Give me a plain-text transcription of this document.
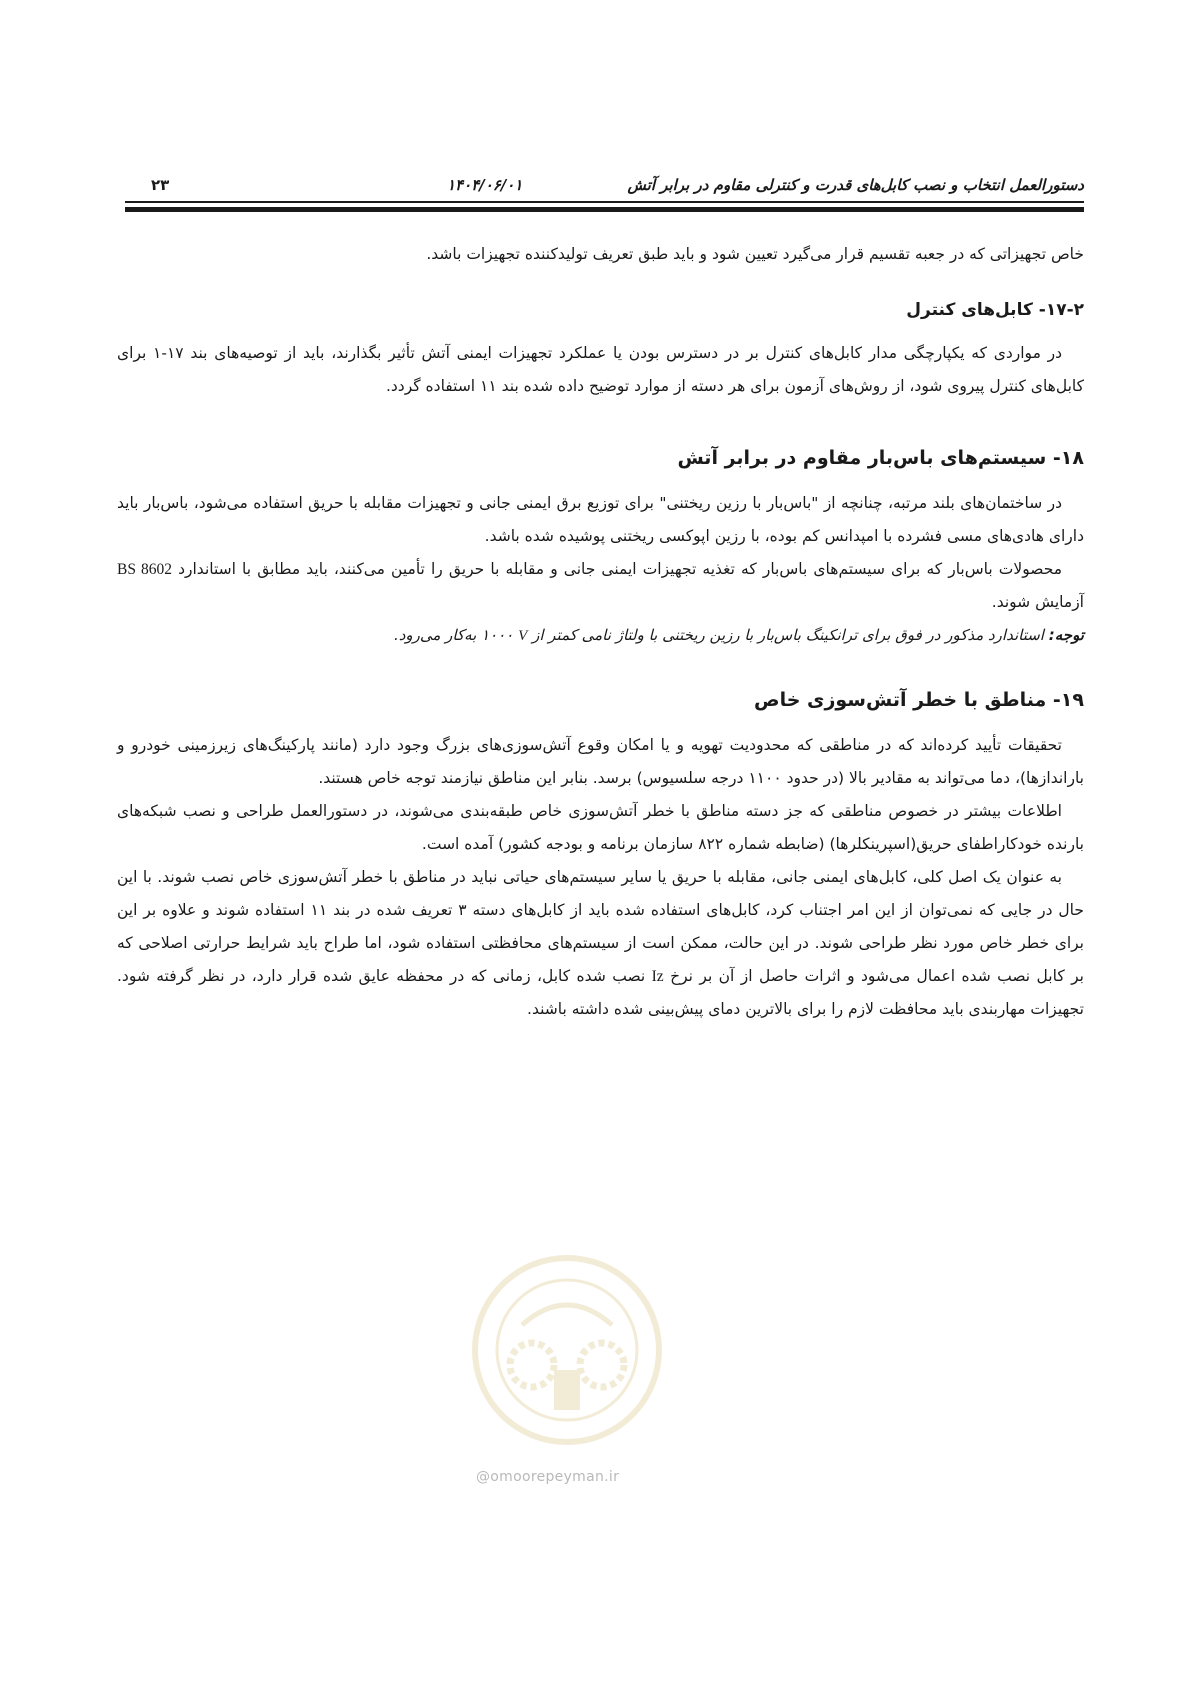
دستورالعمل انتخاب و نصب کابل‌های قدرت و کنترلی مقاوم در برابر آتش
۱۴۰۴/۰۶/۰۱
۲۳

خاص تجهیزاتی که در جعبه تقسیم قرار می‌گیرد تعیین شود و باید طبق تعریف تولیدکننده تجهیزات باشد.

۱۷-۲- کابل‌های کنترل

در مواردی که یکپارچگی مدار کابل‌های کنترل بر در دسترس بودن یا عملکرد تجهیزات ایمنی آتش تأثیر بگذارند، باید از توصیه‌های بند ۱۷-۱ برای کابل‌های کنترل پیروی شود، از روش‌های آزمون برای هر دسته از موارد توضیح داده شده بند ۱۱ استفاده گردد.

۱۸- سیستم‌های باس‌بار مقاوم در برابر آتش

در ساختمان‌های بلند مرتبه، چنانچه از "باس‌بار با رزین ریختنی" برای توزیع برق ایمنی جانی و تجهیزات مقابله با حریق استفاده می‌شود، باس‌بار باید دارای هادی‌های مسی فشرده با امپدانس کم بوده، با رزین اپوکسی ریختنی پوشیده شده باشد.

محصولات باس‌بار که برای سیستم‌های باس‌بار که تغذیه تجهیزات ایمنی جانی و مقابله با حریق را تأمین می‌کنند، باید مطابق با استاندارد BS 8602 آزمایش شوند.

توجه: استاندارد مذکور در فوق برای ترانکینگ باس‌بار با رزین ریختنی با ولتاژ نامی کمتر از V ۱۰۰۰ به‌کار می‌رود.

۱۹- مناطق با خطر آتش‌سوزی خاص

تحقیقات تأیید کرده‌اند که در مناطقی که محدودیت تهویه و یا امکان وقوع آتش‌سوزی‌های بزرگ وجود دارد (مانند پارکینگ‌های زیرزمینی خودرو و باراندازها)، دما می‌تواند به مقادیر بالا (در حدود ۱۱۰۰ درجه سلسیوس) برسد. بنابر این مناطق نیازمند توجه خاص هستند.

اطلاعات بیشتر در خصوص مناطقی که جز دسته مناطق با خطر آتش‌سوزی خاص طبقه‌بندی می‌شوند، در دستورالعمل طراحی و نصب شبکه‌های بارنده خودکاراطفای حریق(اسپرینکلرها) (ضابطه شماره ۸۲۲ سازمان برنامه و بودجه کشور) آمده است.

به عنوان یک اصل کلی، کابل‌های ایمنی جانی، مقابله با حریق یا سایر سیستم‌های حیاتی نباید در مناطق با خطر آتش‌سوزی خاص نصب شوند. با این حال در جایی که نمی‌توان از این امر اجتناب کرد، کابل‌های استفاده شده باید از کابل‌های دسته ۳ تعریف شده در بند ۱۱ استفاده شوند و علاوه بر این برای خطر خاص مورد نظر طراحی شوند. در این حالت، ممکن است از سیستم‌های محافظتی استفاده شود، اما طراح باید شرایط حرارتی اصلاحی که بر کابل نصب شده اعمال می‌شود و اثرات حاصل از آن بر نرخ Iz نصب شده کابل، زمانی که در محفظه عایق شده قرار دارد، در نظر گرفته شود. تجهیزات مهاربندی باید محافظت لازم را برای بالاترین دمای پیش‌بینی شده داشته باشند.

@omoorepeyman.ir
